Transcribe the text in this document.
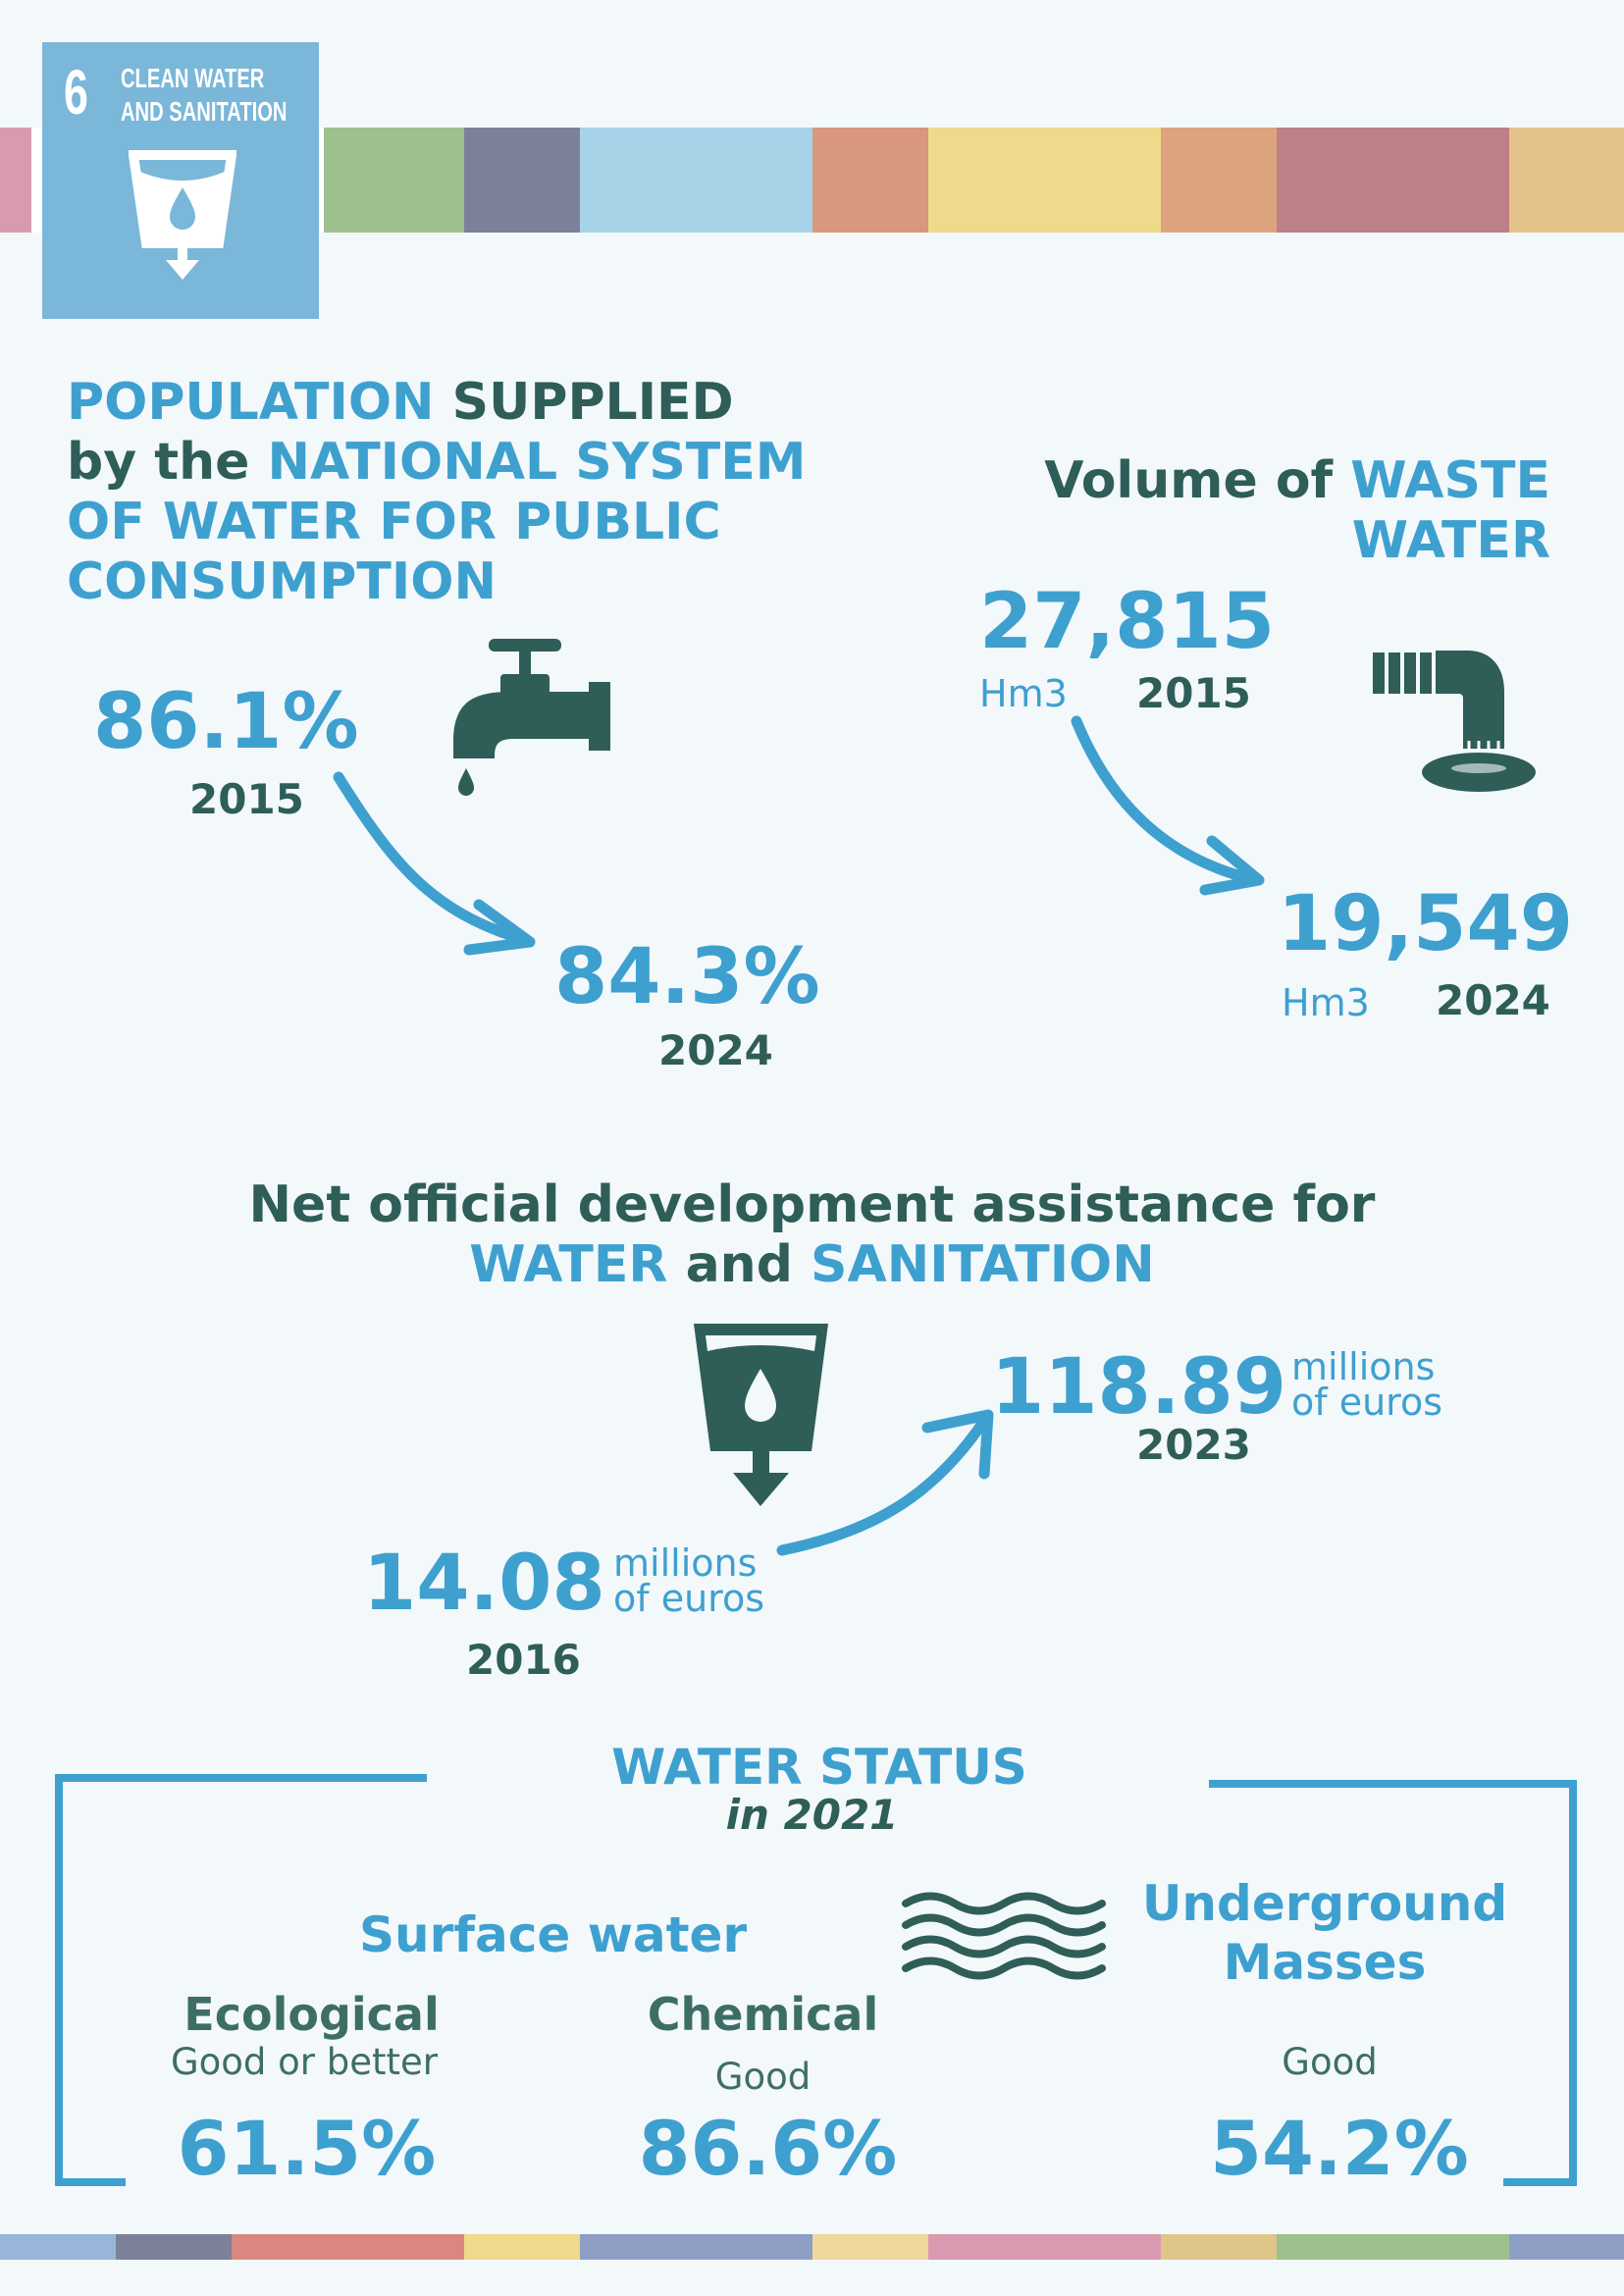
6 CLEAN WATER
AND SANITATION
POPULATION SUPPLIED
by the NATIONAL SYSTEM
OF WATER FOR PUBLIC
CONSUMPTION
86.1%
2015
84.3%
2024
Volume of WASTE
WATER
27,815
Hm3 2015
19,549
Hm3 2024
Net official development assistance for
WATER and SANITATION
118.89 millions
of euros
2023
14.08 millions
of euros
2016
WATER STATUS
in 2021
Surface water
Underground
Masses
Ecological
Good or better
61.5%
Chemical
Good
86.6%
Good
54.2%
